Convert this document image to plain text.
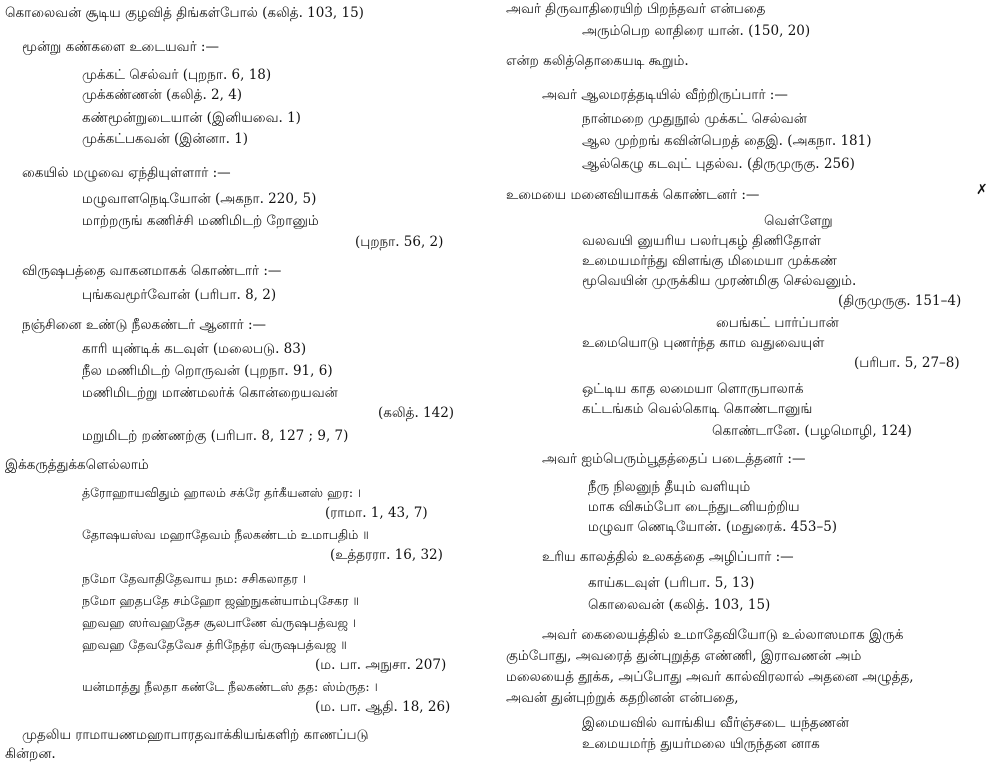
கொலைவன் சூடிய குழவித் திங்கள்போல் (கலித். 103, 15)
மூன்று கண்களை உடையவர் :—
முக்கட் செல்வர் (புறநா. 6, 18)
முக்கண்ணன் (கலித். 2, 4)
கண்மூன்றுடையான் (இனியவை. 1)
முக்கட்பகவன் (இன்னா. 1)
கையில் மழுவை ஏந்தியுள்ளார் :—
மழுவாளநெடியோன் (அகநா. 220, 5)
மாற்றருங் கணிச்சி மணிமிடற் றோனும்
(புறநா. 56, 2)
விருஷபத்தை வாகனமாகக் கொண்டார் :—
புங்கவமூர்வோன் (பரிபா. 8, 2)
நஞ்சினை உண்டு நீலகண்டர் ஆனார் :—
காரி யுண்டிக் கடவுள் (மலைபடு. 83)
நீல மணிமிடற் றொருவன் (புறநா. 91, 6)
மணிமிடற்று மாண்மலர்க் கொன்றையவன்
(கலித். 142)
மறுமிடற் றண்ணற்கு (பரிபா. 8, 127 ; 9, 7)
இக்கருத்துக்களெல்லாம்
த்ரோஹாயவிதும் ஹாலம் சக்ரே தர்கீயனஸ் ஹர: ।
(ராமா. 1, 43, 7)
தோஷயஸ்வ மஹாதேவம் நீலகண்டம் உமாபதிம் ॥
(உத்தரரா. 16, 32)
நமோ தேவாதிதேவாய நம: சசிகலாதர ।
நமோ ஹதபதே சம்ஹோ ஜஹ்நுகன்யாம்புசேகர ॥
ஹவஹ ஸர்வஹதேச சூலபாணே வ்ருஷபத்வஜ ।
ஹவஹ தேவதேவேச த்ரிநேத்ர வ்ருஷபத்வஜ ॥
(ம. பா. அநுசா. 207)
யன்மாத்து நீலதா கண்டே நீலகண்டஸ் தத: ஸ்ம்ருத: ।
(ம. பா. ஆதி. 18, 26)
முதலிய ராமாயணமஹாபாரதவாக்கியங்களிற் காணப்படு
கின்றன.
அவர் திருவாதிரையிற் பிறந்தவர் என்பதை
அரும்பெற லாதிரை யான். (150, 20)
என்ற கலித்தொகையடி கூறும்.
அவர் ஆலமரத்தடியில் வீற்றிருப்பார் :—
நான்மறை முதுநூல் முக்கட் செல்வன்
ஆல முற்றங் கவின்பெறத் தைஇ. (அகநா. 181)
ஆல்கெழு கடவுட் புதல்வ. (திருமுருகு. 256)
✗
உமையை மனைவியாகக் கொண்டனர் :—
வெள்ளேறு
வலவயி னுயரிய பலர்புகழ் திணிதோள்
உமையமர்ந்து விளங்கு மிமையா முக்கண்
மூவெயின் முருக்கிய முரண்மிகு செல்வனும்.
(திருமுருகு. 151–4)
பைங்கட் பார்ப்பான்
உமையொடு புணர்ந்த காம வதுவையுள்
(பரிபா. 5, 27–8)
ஒட்டிய காத லமையா ளொருபாலாக்
கட்டங்கம் வெல்கொடி கொண்டானுங்
கொண்டானே. (பழமொழி, 124)
அவர் ஐம்பெரும்பூதத்தைப் படைத்தனர் :—
நீரு நிலனுந் தீயும் வளியும்
மாக விசும்போ டைந்துடனியற்றிய
மழுவா ணெடியோன். (மதுரைக். 453–5)
உரிய காலத்தில் உலகத்தை அழிப்பார் :—
காய்கடவுள் (பரிபா. 5, 13)
கொலைவன் (கலித். 103, 15)
அவர் கைலையத்தில் உமாதேவியோடு உல்லாஸமாக இருக்
கும்போது, அவரைத் துன்புறுத்த எண்ணி, இராவணன் அம்
மலையைத் தூக்க, அப்போது அவர் கால்விரலால் அதனை அழுத்த,
அவன் துன்புற்றுக் கதறினன் என்பதை,
இமையவில் வாங்கிய வீர்ஞ்சடை யந்தணன்
உமையமர்ந் துயர்மலை யிருந்தன னாக
